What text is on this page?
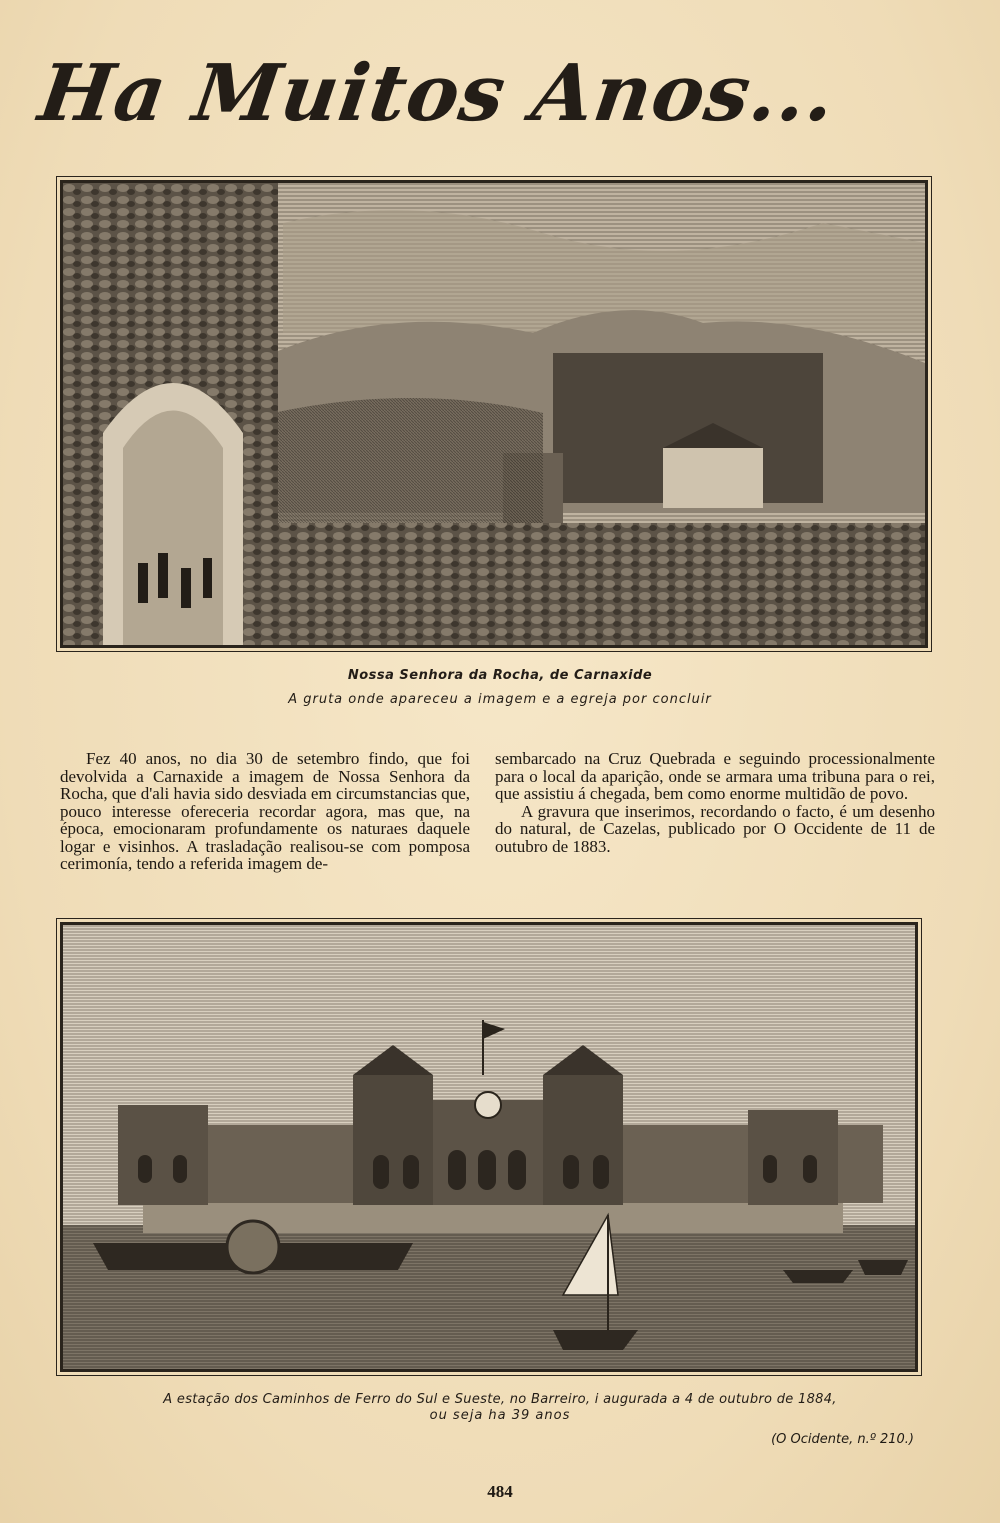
Ha Muitos Anos...
Nossa Senhora da Rocha, de Carnaxide
A gruta onde apareceu a imagem e a egreja por concluir

Fez 40 anos, no dia 30 de setembro findo, que foi devolvida a Carnaxide a imagem de Nossa Senhora da Rocha, que d'ali havia sido desviada em circumstancias que, pouco interesse ofereceria recordar agora, mas que, na época, emocionaram profundamente os naturaes daquele logar e visinhos. A trasladação realisou-se com pomposa cerimonía, tendo a referida imagem de-

sembarcado na Cruz Quebrada e seguindo processionalmente para o local da aparição, onde se armara uma tribuna para o rei, que assistiu á chegada, bem como enorme multidão de povo.

A gravura que inserimos, recordando o facto, é um desenho do natural, de Cazelas, publicado por O Occidente de 11 de outubro de 1883.

A estação dos Caminhos de Ferro do Sul e Sueste, no Barreiro, i augurada a 4 de outubro de 1884,
ou seja ha 39 anos
(O Ocidente, n.º 210.)
484
